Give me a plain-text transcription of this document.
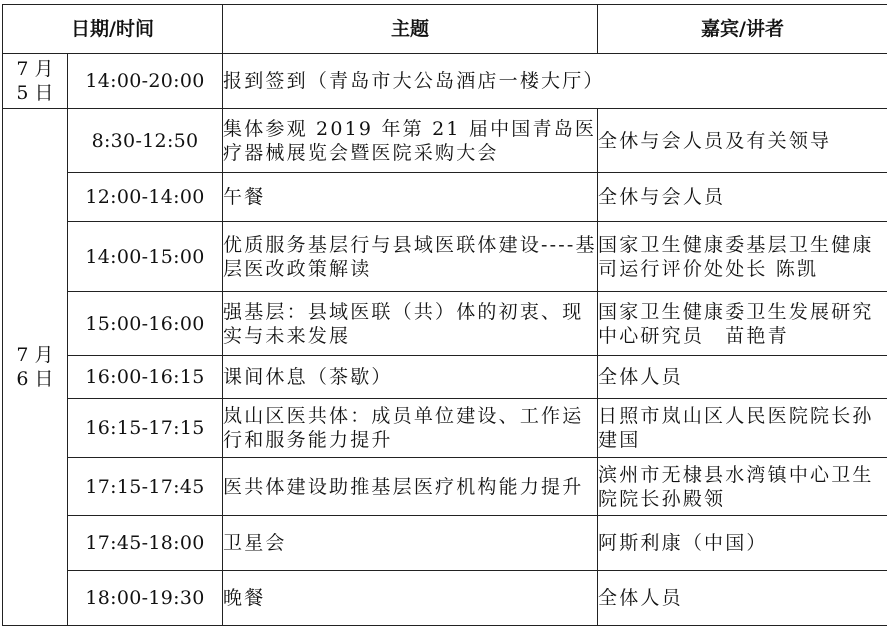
日期/时间		主题	嘉宾/讲者

7 月
5 日	14:00-20:00	报到签到（青岛市大公岛酒店一楼大厅）	

7 月
6 日	8:30-12:50	集体参观 2019 年第 21 届中国青岛医疗器械展览会暨医院采购大会	全休与会人员及有关领导
	12:00-14:00	午餐	全休与会人员
	14:00-15:00	优质服务基层行与县域医联体建设----基层医改政策解读	国家卫生健康委基层卫生健康司运行评价处处长 陈凯
	15:00-16:00	强基层：县域医联（共）体的初衷、现实与未来发展	国家卫生健康委卫生发展研究中心研究员　苗艳青
	16:00-16:15	课间休息（茶歇）	全体人员
	16:15-17:15	岚山区医共体：成员单位建设、工作运行和服务能力提升	日照市岚山区人民医院院长孙建国
	17:15-17:45	医共体建设助推基层医疗机构能力提升	滨州市无棣县水湾镇中心卫生院院长孙殿领
	17:45-18:00	卫星会	阿斯利康（中国）
	18:00-19:30	晚餐	全体人员
